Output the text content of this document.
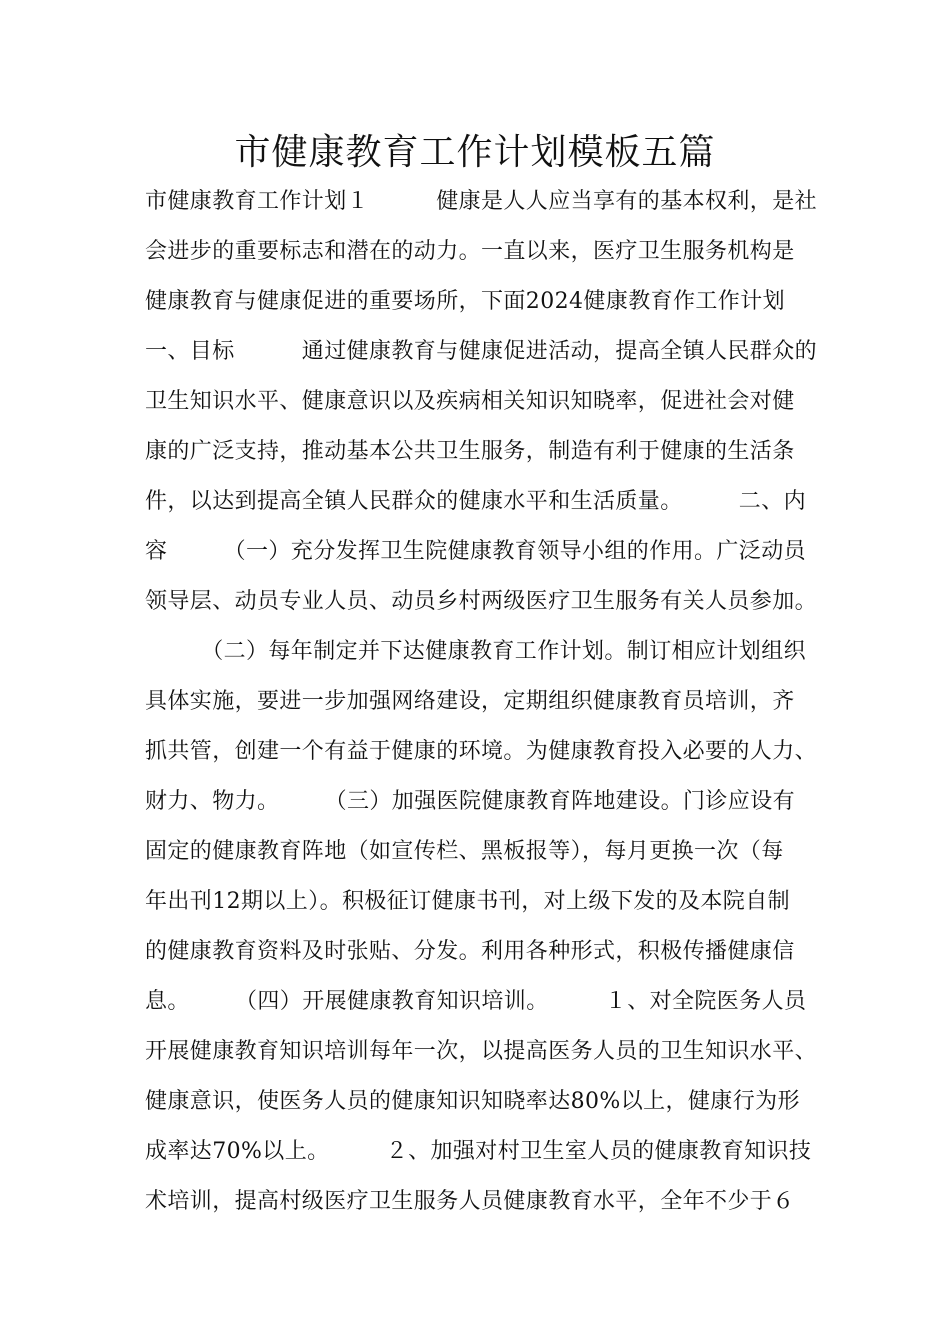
市健康教育工作计划模板五篇
市健康教育工作计划１　　　健康是人人应当享有的基本权利，是社
会进步的重要标志和潜在的动力。一直以来，医疗卫生服务机构是
健康教育与健康促进的重要场所，下面2024健康教育作工作计划
一、目标　　　通过健康教育与健康促进活动，提高全镇人民群众的
卫生知识水平、健康意识以及疾病相关知识知晓率，促进社会对健
康的广泛支持，推动基本公共卫生服务，制造有利于健康的生活条
件，以达到提高全镇人民群众的健康水平和生活质量。　　　二、内
容　　　（一）充分发挥卫生院健康教育领导小组的作用。广泛动员
领导层、动员专业人员、动员乡村两级医疗卫生服务有关人员参加。
　　　（二）每年制定并下达健康教育工作计划。制订相应计划组织
具体实施，要进一步加强网络建设，定期组织健康教育员培训，齐
抓共管，创建一个有益于健康的环境。为健康教育投入必要的人力、
财力、物力。　　　（三）加强医院健康教育阵地建设。门诊应设有
固定的健康教育阵地（如宣传栏、黑板报等），每月更换一次（每
年出刊12期以上）。积极征订健康书刊，对上级下发的及本院自制
的健康教育资料及时张贴、分发。利用各种形式，积极传播健康信
息。　　　（四）开展健康教育知识培训。　　　１、对全院医务人员
开展健康教育知识培训每年一次，以提高医务人员的卫生知识水平、
健康意识，使医务人员的健康知识知晓率达80%以上，健康行为形
成率达70%以上。　　　２、加强对村卫生室人员的健康教育知识技
术培训，提高村级医疗卫生服务人员健康教育水平，全年不少于６
